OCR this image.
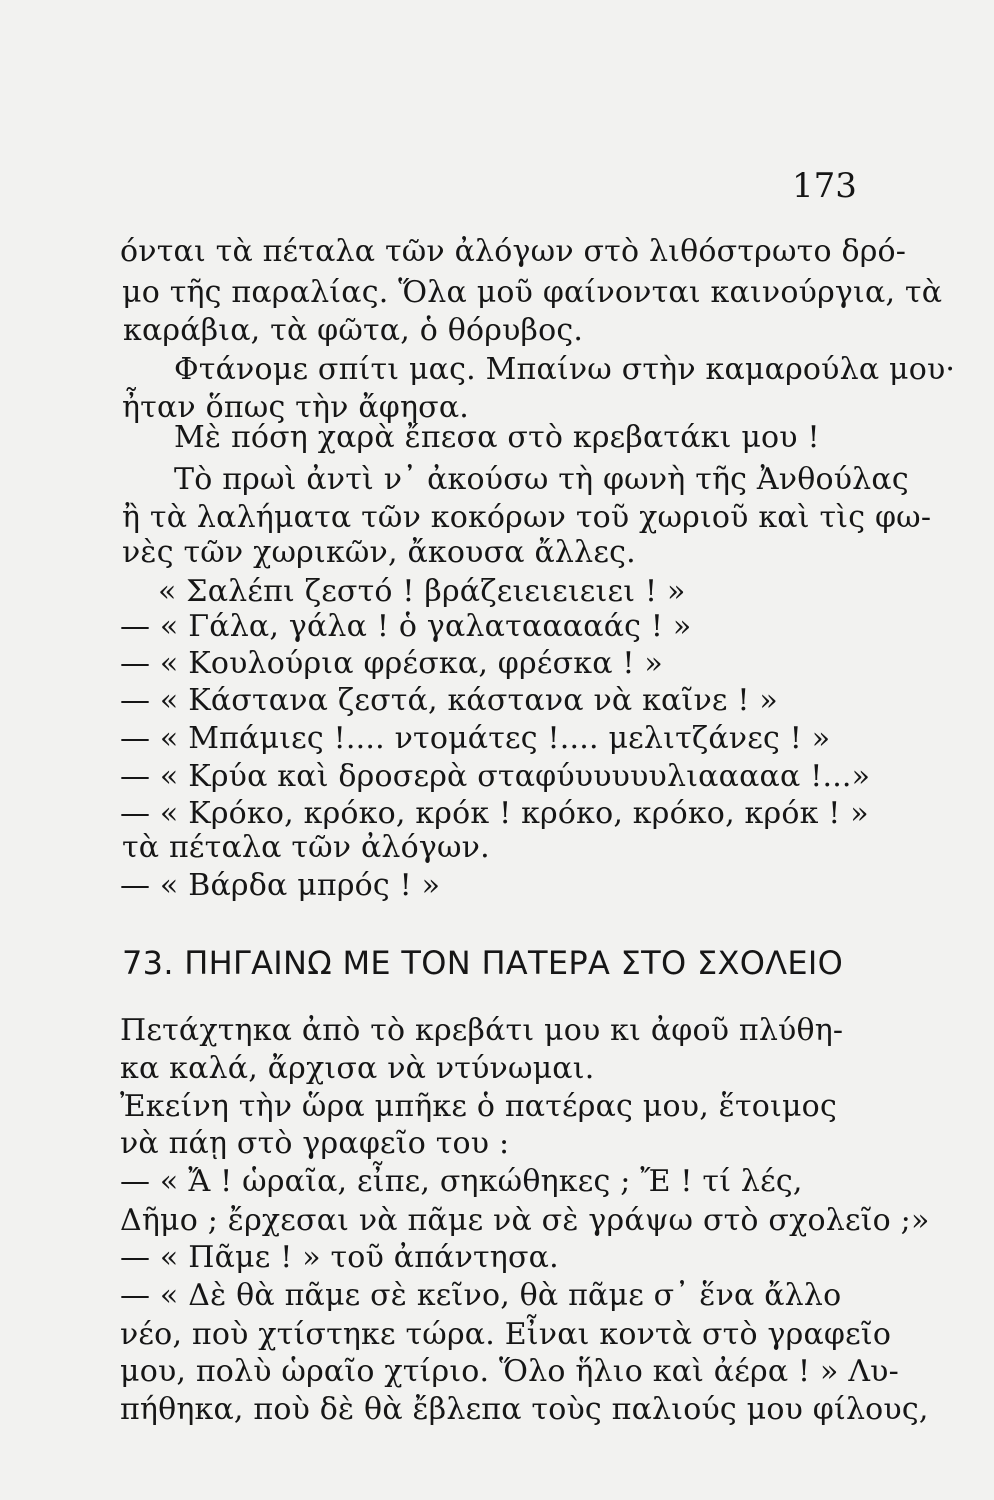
173
όνται τὰ πέταλα τῶν ἀλόγων στὸ λιθόστρωτο δρό-
μο τῆς παραλίας. Ὅλα μοῦ φαίνονται καινούργια, τὰ
καράβια, τὰ φῶτα, ὁ θόρυβος.
Φτάνομε σπίτι μας. Μπαίνω στὴν καμαρούλα μου·
ἦταν ὅπως τὴν ἄφησα.
Μὲ πόση χαρὰ ἔπεσα στὸ κρεβατάκι μου !
Τὸ πρωὶ ἀντὶ ν᾿ ἀκούσω τὴ φωνὴ τῆς Ἀνθούλας
ἢ τὰ λαλήματα τῶν κοκόρων τοῦ χωριοῦ καὶ τὶς φω-
νὲς τῶν χωρικῶν, ἄκουσα ἄλλες.
« Σαλέπι ζεστό ! βράζειειειειει ! »
— « Γάλα, γάλα ! ὁ γαλατααααάς ! »
— « Κουλούρια φρέσκα, φρέσκα ! »
— « Κάστανα ζεστά, κάστανα νὰ καῖνε ! »
— « Μπάμιες !.... ντομάτες !.... μελιτζάνες ! »
— « Κρύα καὶ δροσερὰ σταφύυυυυυλιααααα !...»
— « Κρόκο, κρόκο, κρόκ ! κρόκο, κρόκο, κρόκ ! »
τὰ πέταλα τῶν ἀλόγων.
— « Βάρδα μπρός ! »
73. ΠΗΓΑΙΝΩ ΜΕ ΤΟΝ ΠΑΤΕΡΑ ΣΤΟ ΣΧΟΛΕΙΟ
Πετάχτηκα ἀπὸ τὸ κρεβάτι μου κι ἀφοῦ πλύθη-
κα καλά, ἄρχισα νὰ ντύνωμαι.
Ἐκείνη τὴν ὥρα μπῆκε ὁ πατέρας μου, ἕτοιμος
νὰ πάῃ στὸ γραφεῖο του :
— « Ἄ ! ὡραῖα, εἶπε, σηκώθηκες ; Ἔ ! τί λές,
Δῆμο ; ἔρχεσαι νὰ πᾶμε νὰ σὲ γράψω στὸ σχολεῖο ;»
— « Πᾶμε ! » τοῦ ἀπάντησα.
— « Δὲ θὰ πᾶμε σὲ κεῖνο, θὰ πᾶμε σ᾿ ἕνα ἄλλο
νέο, ποὺ χτίστηκε τώρα. Εἶναι κοντὰ στὸ γραφεῖο
μου, πολὺ ὡραῖο χτίριο. Ὅλο ἥλιο καὶ ἀέρα ! » Λυ-
πήθηκα, ποὺ δὲ θὰ ἔβλεπα τοὺς παλιούς μου φίλους,
